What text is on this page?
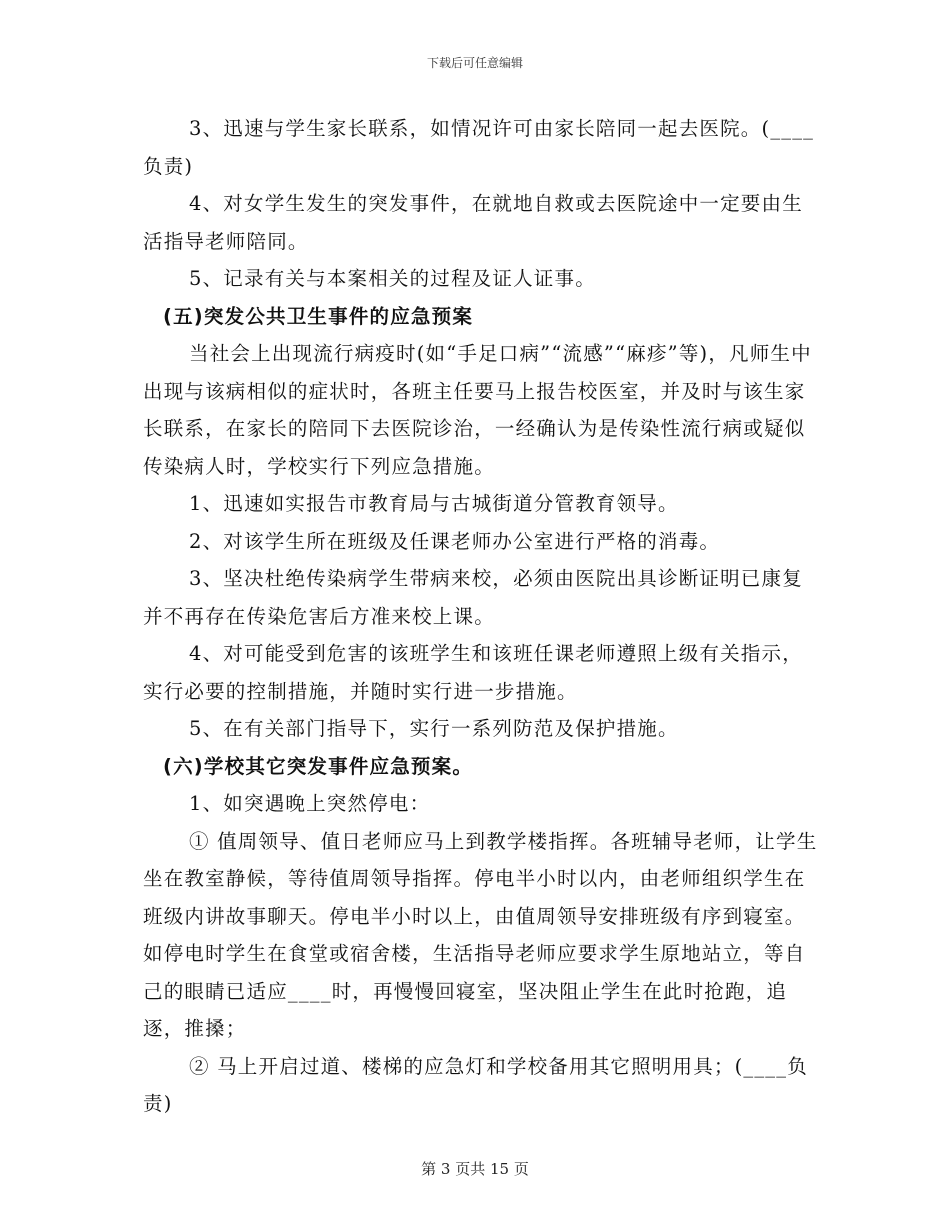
下载后可任意编辑

3、迅速与学生家长联系，如情况许可由家长陪同一起去医院。(____负责)

4、对女学生发生的突发事件，在就地自救或去医院途中一定要由生活指导老师陪同。

5、记录有关与本案相关的过程及证人证事。

(五)突发公共卫生事件的应急预案

当社会上出现流行病疫时(如“手足口病”“流感”“麻疹”等)，凡师生中出现与该病相似的症状时，各班主任要马上报告校医室，并及时与该生家长联系，在家长的陪同下去医院诊治，一经确认为是传染性流行病或疑似传染病人时，学校实行下列应急措施。

1、迅速如实报告市教育局与古城街道分管教育领导。

2、对该学生所在班级及任课老师办公室进行严格的消毒。

3、坚决杜绝传染病学生带病来校，必须由医院出具诊断证明已康复并不再存在传染危害后方准来校上课。

4、对可能受到危害的该班学生和该班任课老师遵照上级有关指示，实行必要的控制措施，并随时实行进一步措施。

5、在有关部门指导下，实行一系列防范及保护措施。

(六)学校其它突发事件应急预案。

1、如突遇晚上突然停电：

① 值周领导、值日老师应马上到教学楼指挥。各班辅导老师，让学生坐在教室静候，等待值周领导指挥。停电半小时以内，由老师组织学生在班级内讲故事聊天。停电半小时以上，由值周领导安排班级有序到寝室。如停电时学生在食堂或宿舍楼，生活指导老师应要求学生原地站立，等自己的眼睛已适应____时，再慢慢回寝室，坚决阻止学生在此时抢跑，追逐，推搡；

② 马上开启过道、楼梯的应急灯和学校备用其它照明用具；(____负责)

第 3 页共 15 页
